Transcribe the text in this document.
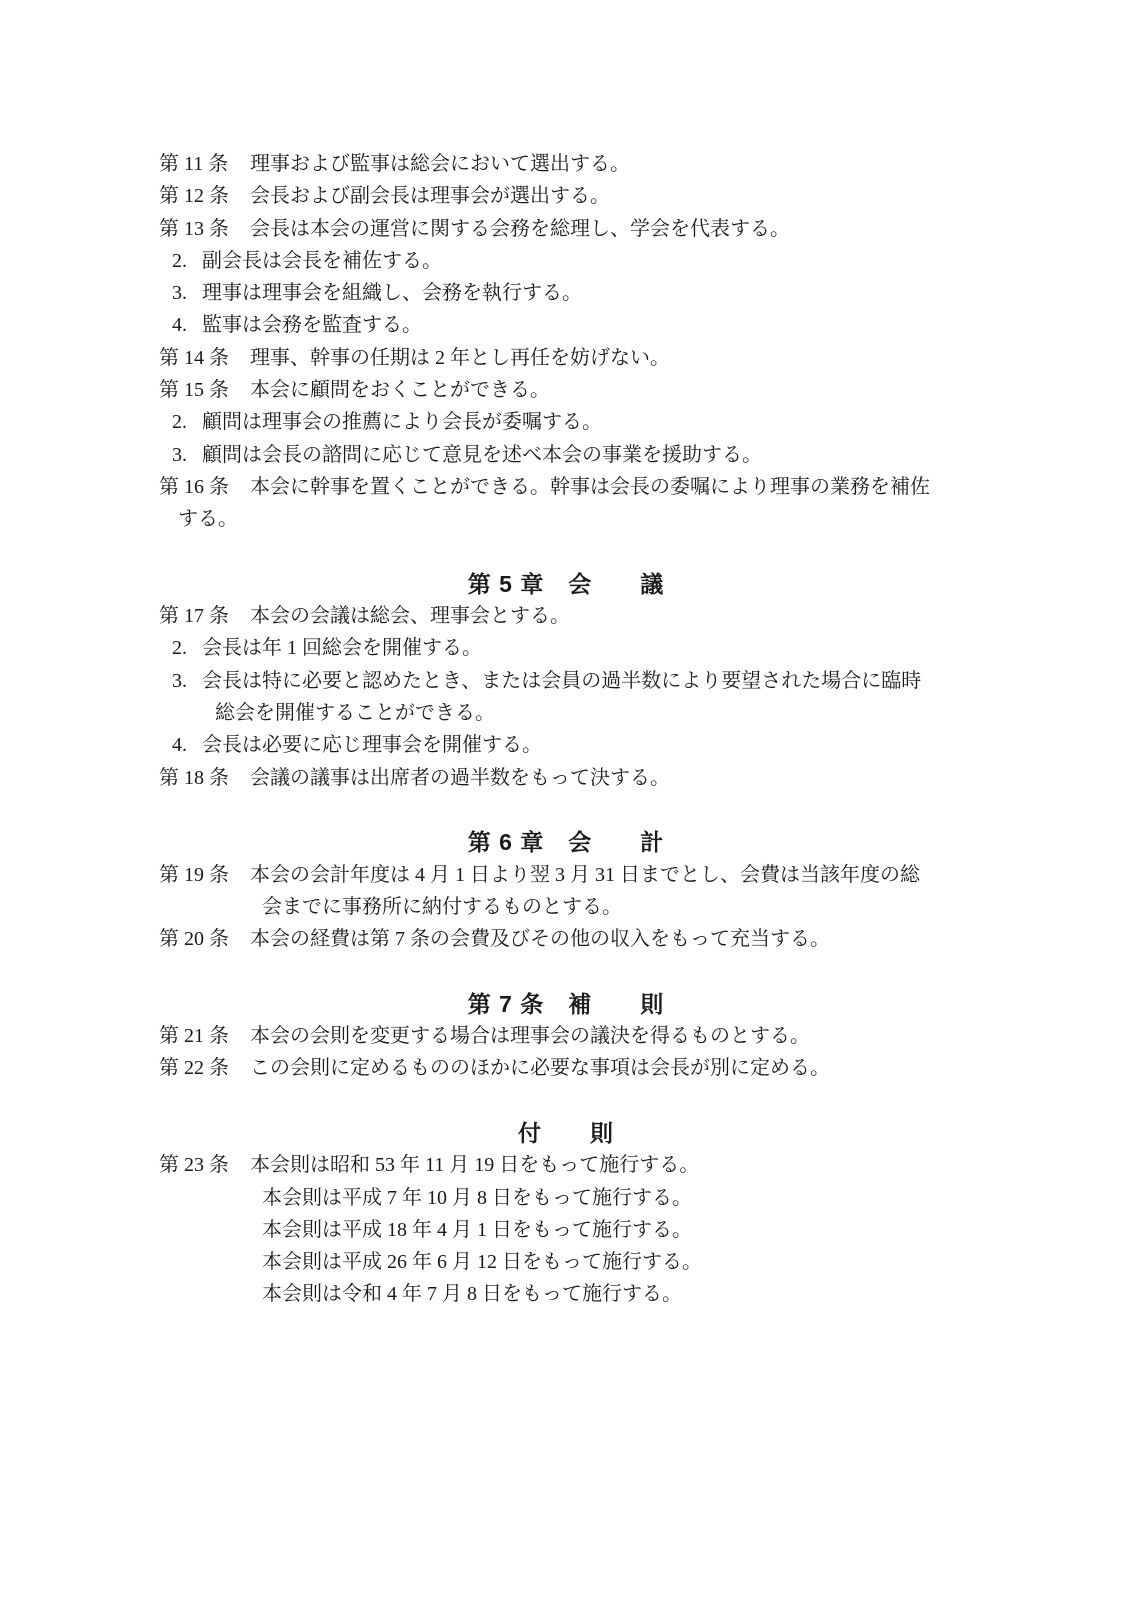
第 11 条 理事および監事は総会において選出する。
第 12 条 会長および副会長は理事会が選出する。
第 13 条 会長は本会の運営に関する会務を総理し、学会を代表する。
2. 副会長は会長を補佐する。
3. 理事は理事会を組織し、会務を執行する。
4. 監事は会務を監査する。
第 14 条 理事、幹事の任期は 2 年とし再任を妨げない。
第 15 条 本会に顧問をおくことができる。
2. 顧問は理事会の推薦により会長が委嘱する。
3. 顧問は会長の諮問に応じて意見を述べ本会の事業を援助する。
第 16 条 本会に幹事を置くことができる。幹事は会長の委嘱により理事の業務を補佐
する。
第 5 章　会　　議
第 17 条 本会の会議は総会、理事会とする。
2. 会長は年 1 回総会を開催する。
3. 会長は特に必要と認めたとき、または会員の過半数により要望された場合に臨時
総会を開催することができる。
4. 会長は必要に応じ理事会を開催する。
第 18 条 会議の議事は出席者の過半数をもって決する。
第 6 章　会　　計
第 19 条 本会の会計年度は 4 月 1 日より翌 3 月 31 日までとし、会費は当該年度の総
会までに事務所に納付するものとする。
第 20 条 本会の経費は第 7 条の会費及びその他の収入をもって充当する。
第 7 条　補　　則
第 21 条 本会の会則を変更する場合は理事会の議決を得るものとする。
第 22 条 この会則に定めるもののほかに必要な事項は会長が別に定める。
付　　則
第 23 条 本会則は昭和 53 年 11 月 19 日をもって施行する。
本会則は平成 7 年 10 月 8 日をもって施行する。
本会則は平成 18 年 4 月 1 日をもって施行する。
本会則は平成 26 年 6 月 12 日をもって施行する。
本会則は令和 4 年 7 月 8 日をもって施行する。
